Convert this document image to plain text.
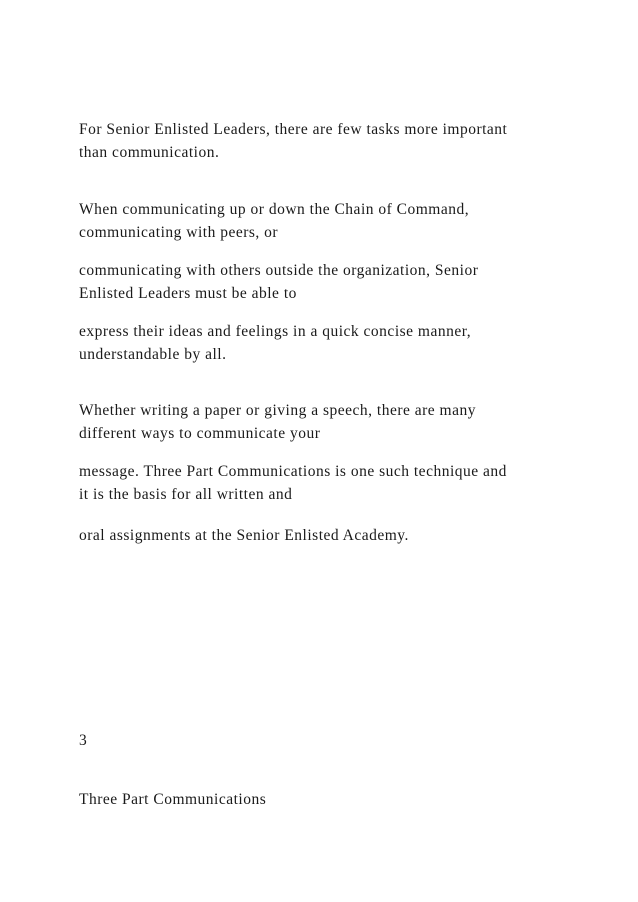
For Senior Enlisted Leaders, there are few tasks more important
than communication.

When communicating up or down the Chain of Command,
communicating with peers, or

communicating with others outside the organization, Senior
Enlisted Leaders must be able to

express their ideas and feelings in a quick concise manner,
understandable by all.

Whether writing a paper or giving a speech, there are many
different ways to communicate your

message. Three Part Communications is one such technique and
it is the basis for all written and

oral assignments at the Senior Enlisted Academy.

3

Three Part Communications
